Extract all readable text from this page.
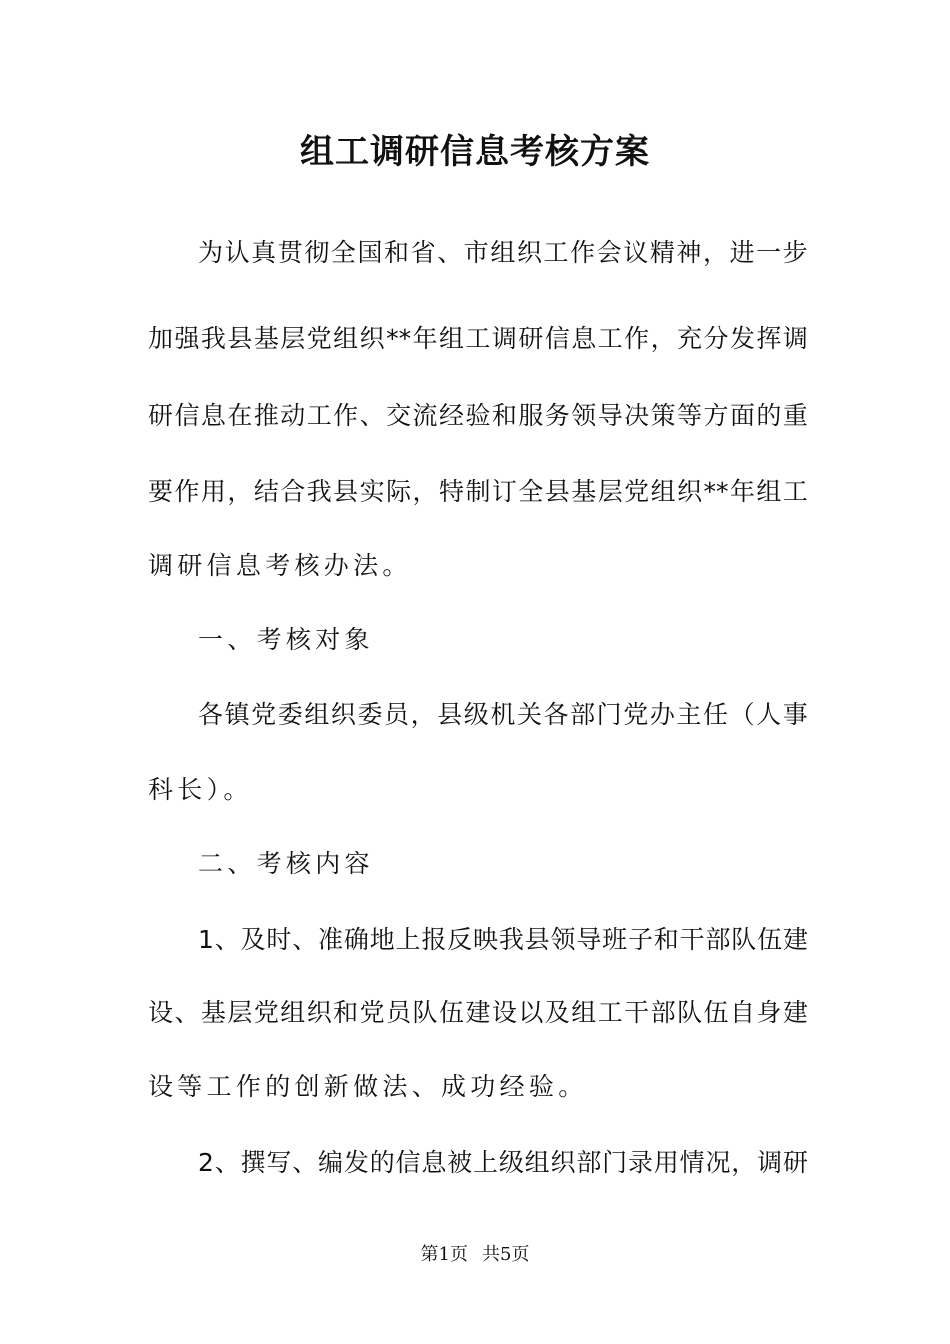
组工调研信息考核方案
为 认 真 贯 彻 全 国 和 省 、 市 组 织 工 作 会 议 精 神 ， 进 一 步
加 强 我 县 基 层 党 组 织 ** 年 组 工 调 研 信 息 工 作 ， 充 分 发 挥 调
研 信 息 在 推 动 工 作 、 交 流 经 验 和 服 务 领 导 决 策 等 方 面 的 重
要 作 用 ， 结 合 我 县 实 际 ， 特 制 订 全 县 基 层 党 组 织 ** 年 组 工
调研信息考核办法。
一、考核对象
各 镇 党 委 组 织 委 员 ， 县 级 机 关 各 部 门 党 办 主 任 （ 人 事
科长）。
二、考核内容
1 、 及 时 、 准 确 地 上 报 反 映 我 县 领 导 班 子 和 干 部 队 伍 建
设 、 基 层 党 组 织 和 党 员 队 伍 建 设 以 及 组 工 干 部 队 伍 自 身 建
设等工作的创新做法、成功经验。
2 、 撰 写 、 编 发 的 信 息 被 上 级 组 织 部 门 录 用 情 况 ， 调 研
第1页 共5页
